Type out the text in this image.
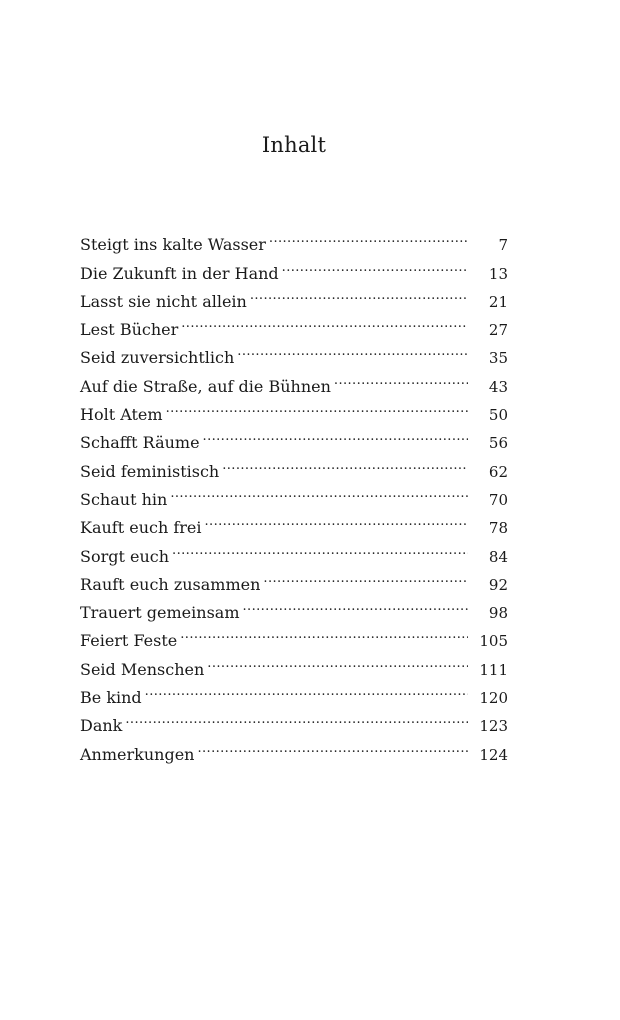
Inhalt
Steigt ins kalte Wasser .....	7
Die Zukunft in der Hand .....	13
Lasst sie nicht allein .....	21
Lest Bücher .....	27
Seid zuversichtlich .....	35
Auf die Straße, auf die Bühnen .....	43
Holt Atem .....	50
Schafft Räume .....	56
Seid feministisch .....	62
Schaut hin .....	70
Kauft euch frei .....	78
Sorgt euch .....	84
Rauft euch zusammen .....	92
Trauert gemeinsam .....	98
Feiert Feste .....	105
Seid Menschen .....	111
Be kind .....	120
Dank .....	123
Anmerkungen .....	124
